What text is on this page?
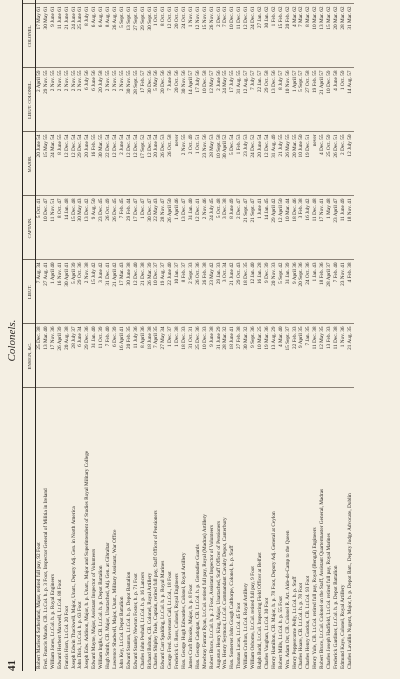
41
Colonels.
	ENSIGN, &C.	LIEUT.	CAPTAIN.	MAJOR.	LIEUT. COLONEL.	COLONEL.	
Robert Macleod Sutherland, Major, retired full pay, 92 Foot	25 Dec. 38	7 Aug. 34	5 Oct. 41	20 June 54	2 April 59	17 May 61	
Fred. Francis Maude, CB. Lt.Col. h. p. 3 Foot, Inspector General of Militia in Ireland	13 Mar. 40	27 Aug. 41	10 Dec. 47	15 May 55	29 Nov. 55	30 May 61	
William Jones, Lt.Col. h. p. Royal Engineers	17 Nov. 36	1 April 40	11 Nov. 51	24 Mar. 54	2 Nov. 55	9 June 61	
Edward Herbert Maxwell, Lt.Col. 88 Foot	26 April 39	16 Nov. 41	8 Oct. 47	8 June 55	2 Nov. 55	11 June 61	
Francis Horn, Lt.Col. 20 Foot	20 Aug. 38	30 April 41	14 Jan. 48	12 Dec. 54	2 Nov. 55	21 June 61	
Joseph Edwin Thackwell, Major, Unatt., Deputy Adj. Gen. in North America	28 July 37	5 April 39	15 Dec. 48	12 Dec. 54	2 Nov. 55	24 June 61	
John Dick, Lt.Col. h. p. 63 Foot	6 June 34	29 Oct. 36	30 May 43	29 Dec. 54	2 Nov. 55	25 June 61	
Joseph Edw. Addison, Major, h. p. Unatt., Major and Superintendent of Studies Royal Military College	29 Dec. 36	2 Nov. 38	13 Dec. 42	20 June 54	6 July 56	8 July 61	
Edward Mayne, Major, Assistant Inspector of Volunteers	31 Jan. 40	15 July 42	9 Aug. 50	16 Feb. 55	6 June 56	6 Aug. 61	
William Inglis, CB. Lt.Col. h. p. Depot Battalion	11 Oct. 39	3 June 42	23 Dec. 45	30 Mar. 55	20 July 58	6 Aug. 61	
Hugh Smith, CB. Major, Unattached, Adj. Gen. at Gibraltar	7 Feb. 40	31 Dec. 41	26 Oct. 49	22 Dec. 54	2 Nov. 55	8 Aug. 61	
Lawrence Shadwell, Major, Unatt., Military Assistant, War Office	6 Dec. 39	21 April 42	26 Dec. 45	12 Dec. 54	2 Nov. 55	26 Aug. 61	
John Key, Lt.Col. Depot Battalion	16 April 41	17 Mar. 43	7 Feb. 45	2 June 54	2 Nov. 55	5 Sept. 61	
Edward Stanton, Lt.Col. h. p. Depot Battalion	20 Feb. 35	30 June 38	29 Feb. 44	12 Dec. 54	30 Nov. 55	13 Sept. 61	
Edward Stanley Newton Foster, h. p. 71 Foot	11 July 36	12 Dec. 40	17 Dec. 47	12 Dec. 54	28 Sept. 55	27 Sept. 61	
Charles John Peshall, Lt.Col. h. p. 16 Lancers	8 April 36	21 Dec. 38	1 Dec. 47	17 Sept. 52	17 Feb. 57	29 Sept. 61	
Richard Bolton, CB. Colonel, Royal Artillery	18 June 38	26 Mar. 39	30 Dec. 47	12 Dec. 54	30 Dec. 56	30 Sept. 61	
Charles Shipley Teale, Captain, retired full pay, Staff Officer of Pensioners	7 April 35	10 Dec. 37	22 May 43	20 June 54	5 May 56	1 Oct. 61	
Edward Carr Spalding, Lt.Col. h. p. Royal Marines	27 May 34	19 Aug. 37	28 Nov. 47	26 Dec. 53	20 Dec. 56	8 Oct. 61	
George Fred. Stevenson Call, Lt.Col., 18 Foot	1 Dec. 37	22 June 40	26 April 50	26 Oct. 58	7 June 56	12 Oct. 61	
Frederick G. Ross, Colonel, Royal Engineers	1 Dec. 38	10 Jan. 37	1 April 46	never	20 Oct. 56	20 Oct. 61	
Hon. George Hugh Edwardes, Colonel, Royal Artillery	18 Dec. 33	8 Feb. 37	13 Dec. 47	2 Nov. 55	30 Nov. 56	24 Oct. 61	
James Croft Brooke, Major, h. p. 8 Foot	31 Oct. 31	2 Sept. 33	31 Jan. 40	2 Oct. 49	14 April 57	1 Nov. 61	
Hon. George Cadogan, CB. Lt.Col. h. p. Grenadier Guards	25 Dec. 36	26 Oct. 36	12 Dec. 41	1 Oct. 51	17 July 56	12 Nov. 61	
Mowbray Farrant Ryan, Lt.Col. retired full pay, Royal (Madras) Artillery	10 Dec. 33	26 Feb. 38	2 Nov. 46	23 Nov. 56	10 Dec. 58	15 Nov. 61	
Robert Bruce, Lt.Col. h. p. 2 Foot, Assistant Inspector of Volunteers	9 June 38	23 May 42	24 July 45	28 May 53	12 May 57	26 Nov. 61	
Augustus Henry King, Major, Unattached, Staff Officer of Pensioners	31 June 29	29 Jan. 33	5 Oct. 48	10 Sept. 58	2 June 56	2 Dec. 61	
Wm. Henry Seymour, Lt.Col. Commandant Cavalry Depot, Canterbury	28 Mar. 32	3 Oct. 34	3 Dec. 38	30 April 52	24 May 55	7 Dec. 61	
Hon. Somerset John Gough Calthorpe, Colonel, h. p. Staff	18 June 41	21 June 42	8 June 49	5 Dec. 54	17 July 55	10 Dec. 61	
Thomas Lucas, Lt.Col. 45 Foot	27 Feb. 38	29 Oct. 43	2 Dec. 47	1 Feb. 53	31 Aug. 55	11 Dec. 61	
William Crofton, Lt.Col. Royal Artillery	30 Mar. 32	18 Dec. 35	21 Sept. 47	23 July 53	12 Aug. 57	12 Dec. 61	
William Osborne, Lt.Col. retired full pay, 9 Foot	9 Sept. 36	12 Jan. 40	21 Sept. 47	24 Dec. 52	7 July 57	24 Dec. 61	
Ralph Budd, Lt.Col. Inspecting Field Officer at Belfast	10 Mar. 25	16 Jan. 28	1 June 41	20 June 54	22 Jan. 57	27 Jan. 62	
Charles Vaughan, Lt.Col. 30 Foot	19 Mar. 36	9 Dec. 39	14 Jan. 45	12 Dec. 54	29 Oct. 58	30 Jan. 62	
Henry Hamilton, CB. Major, h. p. 78 Foot, Deputy Adj. General at Ceylon	13 Aug. 29	20 Nov. 33	29 April 42	31 Aug. 49	13 Dec. 56	1 Feb. 62	
Robert Mills, Lt.Col. h. p. 55 Foot	4 Mar. 40	5 Sept. 42	12 April 50	21 July 55	8 July 57	15 Feb. 62	
Wm. Adam Orr, CB. Colonel R. Art. Aide-de-Camp to the Queen	15 Sept. 37	31 Jan. 39	10 Mar. 44	26 May 55	10 Nov. 56	20 Feb. 62	
Henry Peppercorne Pelly, Lt.Col. h. p. Staff	22 Feb. 33	9 April 36	18 Dec. 46	20 Mar. 55	1 April 57	4 Mar. 62	
Charles Hoare, CB. Lt.Col. h. p. 78 Foot	9 April 35	20 Sept. 36	3 Feb. 38	10 June 50	5 Sept. 57	7 Mar. 62	
Charles Henry Gordon, CB. Lt.Col. 93 Foot	7 Jan. 35	24 Oct. 36	16 July 42	19 Dec. 51	27 Oct. 58	8 Mar. 62	
Henry Yule, CB. Lt.Col. retired full pay, Royal (Bengal) Engineers	11 Dec. 38	1 Jan. 43	11 Dec. 48	never	19 Feb. 55	10 Mar. 62	
Robert Bruce, Lt.Col. Colonel on the Staff, Assistant Quartermaster General, Madras	12 May 35	18 Feb. 36	17 Nov. 41	4 Dec. 55	21 April 57	13 Mar. 62	
Charles Joseph Hadfield, Lt.Col. retired full pay, Royal Marines	13 Feb. 33	28 April 37	1 May 48	25 Oct. 59	10 Dec. 59	15 Mar. 62	
Frederick Gardiner, Lt.Col. h. p. Depot Battalion	11 Dec. 38	7 Feb. 40	23 April 47	26 Dec. 51	4 June 58	20 Mar. 62	
Edmund Kaye, Colonel, Royal Artillery	1 Nov. 36	23 Nov. 41	11 June 49	2 Dec. 55	1 Oct. 59	28 Mar. 62	
Charles Lavallin Nugent, Major, h. p. Depot Batt., Deputy Judge Advocate, Dublin	21 Aug. 35	4 Feb. 38	18 Nov. 41	12 July 50	14 Aug. 57	31 Mar. 62	
